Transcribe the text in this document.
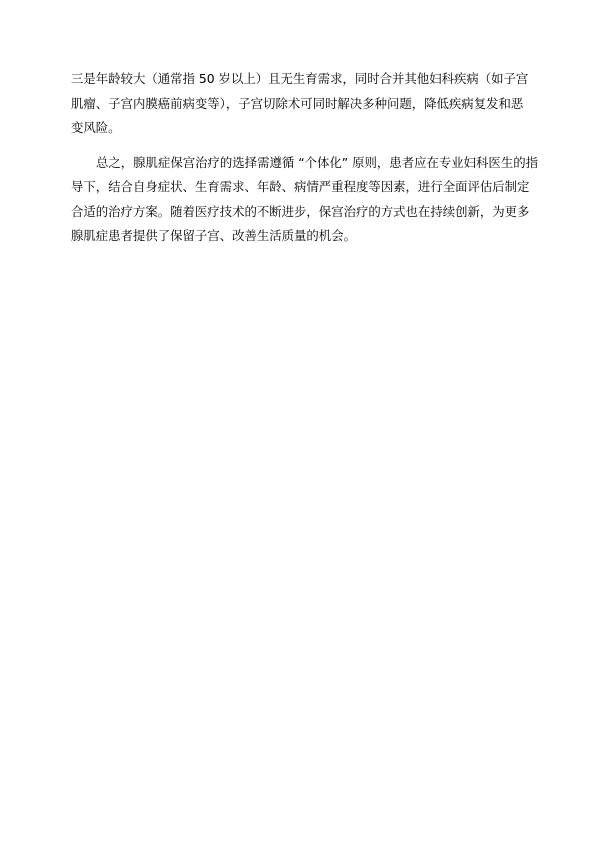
三是年龄较大（通常指 50 岁以上）且无生育需求，同时合并其他妇科疾病（如子宫
肌瘤、子宫内膜癌前病变等），子宫切除术可同时解决多种问题，降低疾病复发和恶
变风险。

总之，腺肌症保宫治疗的选择需遵循 “个体化” 原则，患者应在专业妇科医生的指
导下，结合自身症状、生育需求、年龄、病情严重程度等因素，进行全面评估后制定
合适的治疗方案。随着医疗技术的不断进步，保宫治疗的方式也在持续创新，为更多
腺肌症患者提供了保留子宫、改善生活质量的机会。
